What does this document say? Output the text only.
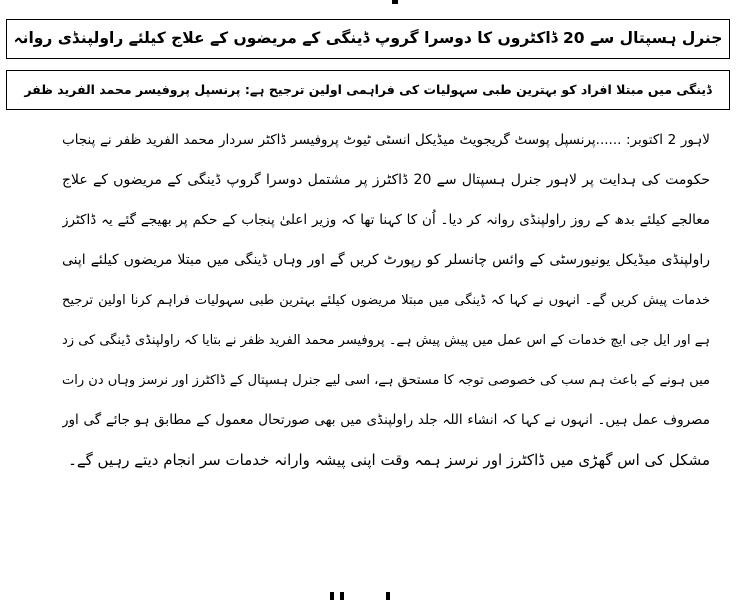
جنرل ہسپتال سے 20 ڈاکٹروں کا دوسرا گروپ ڈینگی کے مریضوں کے علاج کیلئے راولپنڈی روانہ
ڈینگی میں مبتلا افراد کو بہترین طبی سہولیات کی فراہمی اولین ترجیح ہے: پرنسپل پروفیسر محمد الفرید ظفر
لاہور 2 اکتوبر: ......پرنسپل پوسٹ گریجویٹ میڈیکل انسٹی ٹیوٹ پروفیسر ڈاکٹر سردار محمد الفرید ظفر نے پنجاب
حکومت کی ہدایت پر لاہور جنرل ہسپتال سے 20 ڈاکٹرز پر مشتمل دوسرا گروپ ڈینگی کے مریضوں کے علاج
معالجے کیلئے بدھ کے روز راولپنڈی روانہ کر دیا۔ اُن کا کہنا تھا کہ وزیر اعلیٰ پنجاب کے حکم پر بھیجے گئے یہ ڈاکٹرز
راولپنڈی میڈیکل یونیورسٹی کے وائس چانسلر کو رپورٹ کریں گے اور وہاں ڈینگی میں مبتلا مریضوں کیلئے اپنی
خدمات پیش کریں گے۔ انہوں نے کہا کہ ڈینگی میں مبتلا مریضوں کیلئے بہترین طبی سہولیات فراہم کرنا اولین ترجیح
ہے اور ایل جی ایچ خدمات کے اس عمل میں پیش پیش ہے۔ پروفیسر محمد الفرید ظفر نے بتایا کہ راولپنڈی ڈینگی کی زد
میں ہونے کے باعث ہم سب کی خصوصی توجہ کا مستحق ہے، اسی لیے جنرل ہسپتال کے ڈاکٹرز اور نرسز وہاں دن رات
مصروف عمل ہیں۔ انہوں نے کہا کہ انشاء اللہ جلد راولپنڈی میں بھی صورتحال معمول کے مطابق ہو جائے گی اور
مشکل کی اس گھڑی میں ڈاکٹرز اور نرسز ہمہ وقت اپنی پیشہ وارانہ خدمات سر انجام دیتے رہیں گے۔
